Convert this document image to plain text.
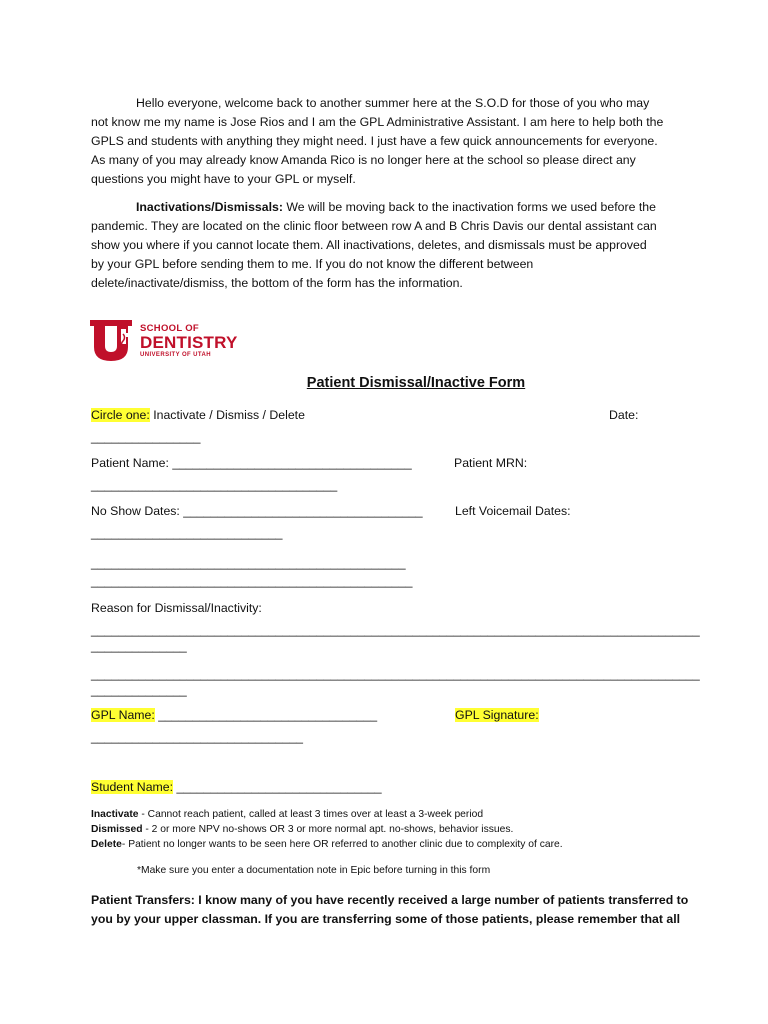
Hello everyone, welcome back to another summer here at the S.O.D for those of you who may
not know me my name is Jose Rios and I am the GPL Administrative Assistant. I am here to help both the
GPLS and students with anything they might need. I just have a few quick announcements for everyone.
As many of you may already know Amanda Rico is no longer here at the school so please direct any
questions you might have to your GPL or myself.
Inactivations/Dismissals: We will be moving back to the inactivation forms we used before the
pandemic. They are located on the clinic floor between row A and B Chris Davis our dental assistant can
show you where if you cannot locate them. All inactivations, deletes, and dismissals must be approved
by your GPL before sending them to me. If you do not know the different between
delete/inactivate/dismiss, the bottom of the form has the information.
SCHOOL OF
DENTISTRY
UNIVERSITY OF UTAH
Patient Dismissal/Inactive Form
Circle one: Inactivate / Dismiss / Delete	Date:
________________
Patient Name: ___________________________________	Patient MRN:
____________________________________
No Show Dates: ___________________________________	Left Voicemail Dates:
____________________________
______________________________________________
_______________________________________________
Reason for Dismissal/Inactivity:
_________________________________________________________________________________________
______________
_________________________________________________________________________________________
______________
GPL Name: ________________________________	GPL Signature:
_______________________________
Student Name: ______________________________
Inactivate - Cannot reach patient, called at least 3 times over at least a 3-week period
Dismissed - 2 or more NPV no-shows OR 3 or more normal apt. no-shows, behavior issues.
Delete- Patient no longer wants to be seen here OR referred to another clinic due to complexity of care.
*Make sure you enter a documentation note in Epic before turning in this form
Patient Transfers: I know many of you have recently received a large number of patients transferred to
you by your upper classman. If you are transferring some of those patients, please remember that all
